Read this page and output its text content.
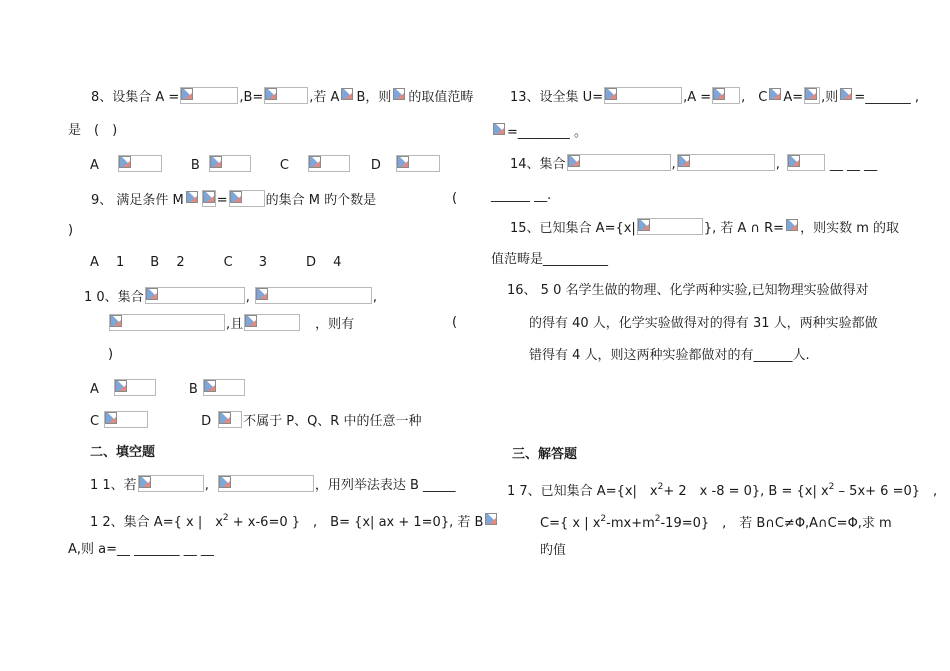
8、设集合 A =	,B=	,若 A B，则 的取值范畴
是　(　)
A	B	C	D
9、 满足条件 M	=	的集合 M 旳个数是	(
)
A　 1　　B　 2　　　C　　3　　　D　 4
1 0、集合	,	,
,且	，则有	(
)
A	B
C	D 不属于 P、Q、R 中的任意一种
二、填空题
1 1、若	,	，用列举法表达 B _____
1 2、集合 A={ x |　$x^2 + x-6=0$ }　,　B= {x| ax + 1=0}, 若 B
A,则 a=__ _______ __ __
13、设全集 U=	,A = ,　C A= ,则 =_______ ,
=________ 。
14、集合	,	,	__ __ __
______ __.
15、已知集合 A={x|	}, 若 A ∩ R= ，则实数 m 的取
值范畴是__________
16、 5 0 名学生做的物理、化学两种实验,已知物理实验做得对
的得有 40 人，化学实验做得对的得有 31 人，两种实验都做
错得有 4 人，则这两种实验都做对的有______人.
三、解答题
1 7、已知集合 A={x|　$x^2+ 2$　x -8 = 0}, B = {x| $x^2 - 5x+ 6 =0$}　,
C={ x | $x^2-mx+m^2-19=0$}　,　若 B∩C≠Φ,A∩C=Φ,求 m
旳值
